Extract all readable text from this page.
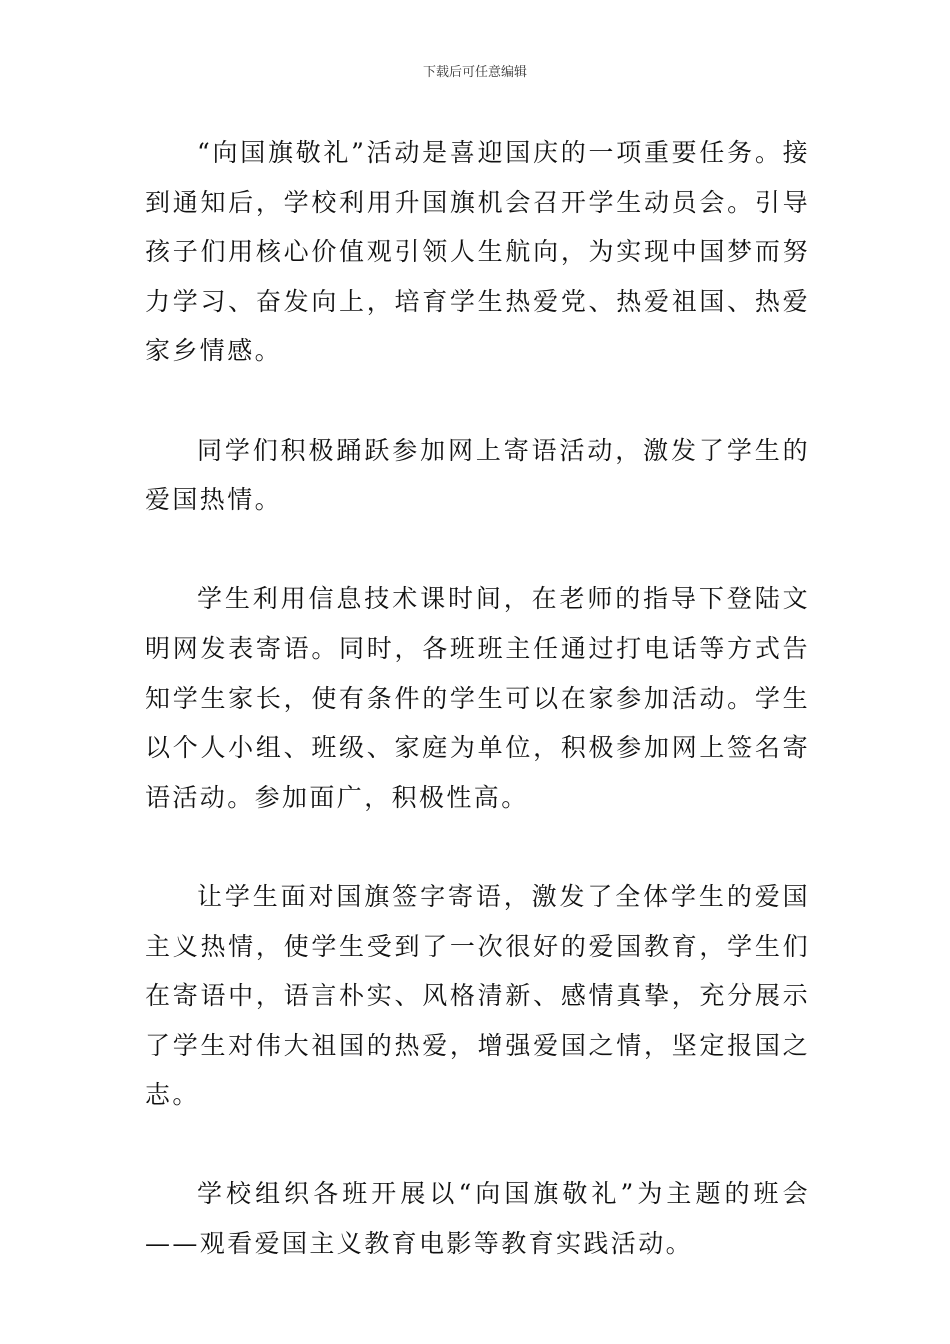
下载后可任意编辑

“向国旗敬礼”活动是喜迎国庆的一项重要任务。接到通知后，学校利用升国旗机会召开学生动员会。引导孩子们用核心价值观引领人生航向，为实现中国梦而努力学习、奋发向上，培育学生热爱党、热爱祖国、热爱家乡情感。

同学们积极踊跃参加网上寄语活动，激发了学生的爱国热情。

学生利用信息技术课时间，在老师的指导下登陆文明网发表寄语。同时，各班班主任通过打电话等方式告知学生家长，使有条件的学生可以在家参加活动。学生以个人小组、班级、家庭为单位，积极参加网上签名寄语活动。参加面广，积极性高。

让学生面对国旗签字寄语，激发了全体学生的爱国主义热情，使学生受到了一次很好的爱国教育，学生们在寄语中，语言朴实、风格清新、感情真挚，充分展示了学生对伟大祖国的热爱，增强爱国之情，坚定报国之志。

学校组织各班开展以“向国旗敬礼”为主题的班会——观看爱国主义教育电影等教育实践活动。
